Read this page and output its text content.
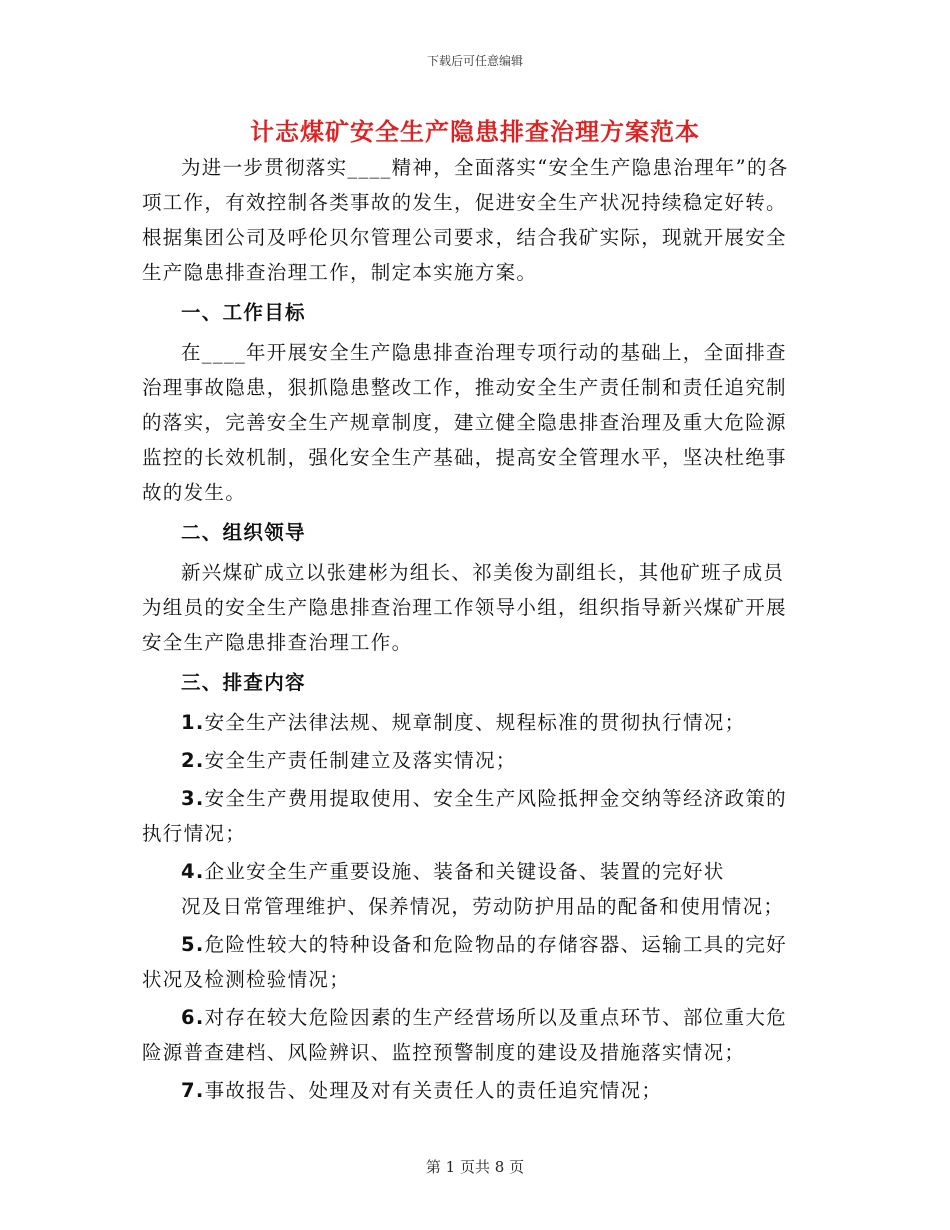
下载后可任意编辑
计志煤矿安全生产隐患排查治理方案范本

为进一步贯彻落实____精神，全面落实“安全生产隐患治理年”的各项工作，有效控制各类事故的发生，促进安全生产状况持续稳定好转。根据集团公司及呼伦贝尔管理公司要求，结合我矿实际，现就开展安全生产隐患排查治理工作，制定本实施方案。

一、工作目标

在____年开展安全生产隐患排查治理专项行动的基础上，全面排查治理事故隐患，狠抓隐患整改工作，推动安全生产责任制和责任追究制的落实，完善安全生产规章制度，建立健全隐患排查治理及重大危险源监控的长效机制，强化安全生产基础，提高安全管理水平，坚决杜绝事故的发生。

二、组织领导

新兴煤矿成立以张建彬为组长、祁美俊为副组长，其他矿班子成员为组员的安全生产隐患排查治理工作领导小组，组织指导新兴煤矿开展安全生产隐患排查治理工作。

三、排查内容

1.安全生产法律法规、规章制度、规程标准的贯彻执行情况；

2.安全生产责任制建立及落实情况；

3.安全生产费用提取使用、安全生产风险抵押金交纳等经济政策的执行情况；

4.企业安全生产重要设施、装备和关键设备、装置的完好状

况及日常管理维护、保养情况，劳动防护用品的配备和使用情况；

5.危险性较大的特种设备和危险物品的存储容器、运输工具的完好状况及检测检验情况；

6.对存在较大危险因素的生产经营场所以及重点环节、部位重大危险源普查建档、风险辨识、监控预警制度的建设及措施落实情况；

7.事故报告、处理及对有关责任人的责任追究情况；

第 1 页共 8 页
